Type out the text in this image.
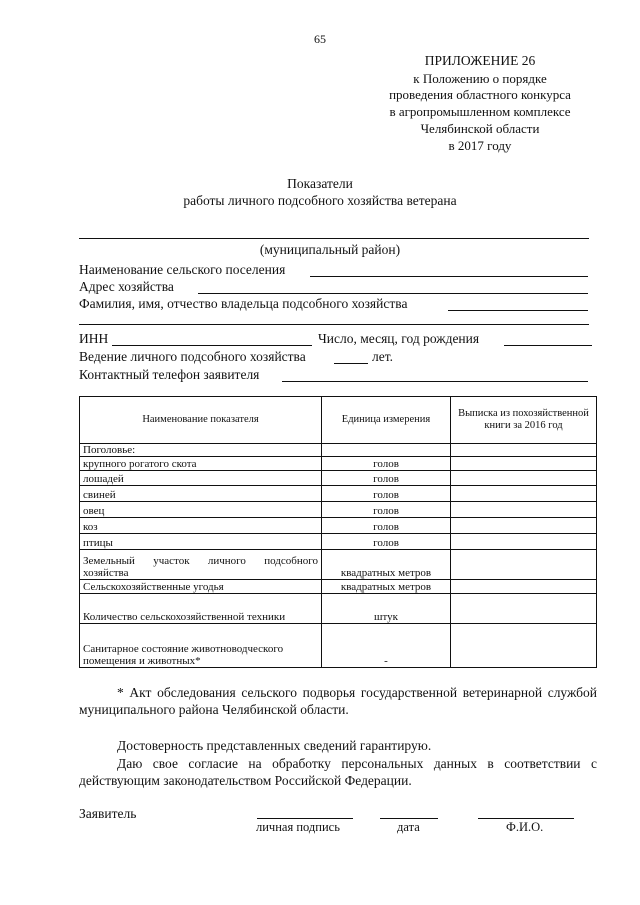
65
ПРИЛОЖЕНИЕ 26
к Положению о порядке
проведения областного конкурса
в агропромышленном комплексе
Челябинской области
в 2017 году
Показатели
работы личного подсобного хозяйства ветерана
(муниципальный район)
Наименование сельского поселения
Адрес хозяйства
Фамилия, имя, отчество владельца подсобного хозяйства
ИНН	Число, месяц, год рождения
Ведение личного подсобного хозяйства	лет.
Контактный телефон заявителя
Наименование показателя	Единица измерения	Выписка из похозяйственной книги за 2016 год
Поголовье:		
крупного рогатого скота	голов	
лошадей	голов	
свиней	голов	
овец	голов	
коз	голов	
птицы	голов	
Земельный участок личного подсобного хозяйства	квадратных метров	
Сельскохозяйственные угодья	квадратных метров	
Количество сельскохозяйственной техники	штук	
Санитарное состояние животноводческого помещения и животных*	-	
* Акт обследования сельского подворья государственной ветеринарной службой муниципального района Челябинской области.
Достоверность представленных сведений гарантирую.
Даю свое согласие на обработку персональных данных в соответствии с действующим законодательством Российской Федерации.
Заявитель
личная подпись	дата	Ф.И.О.
